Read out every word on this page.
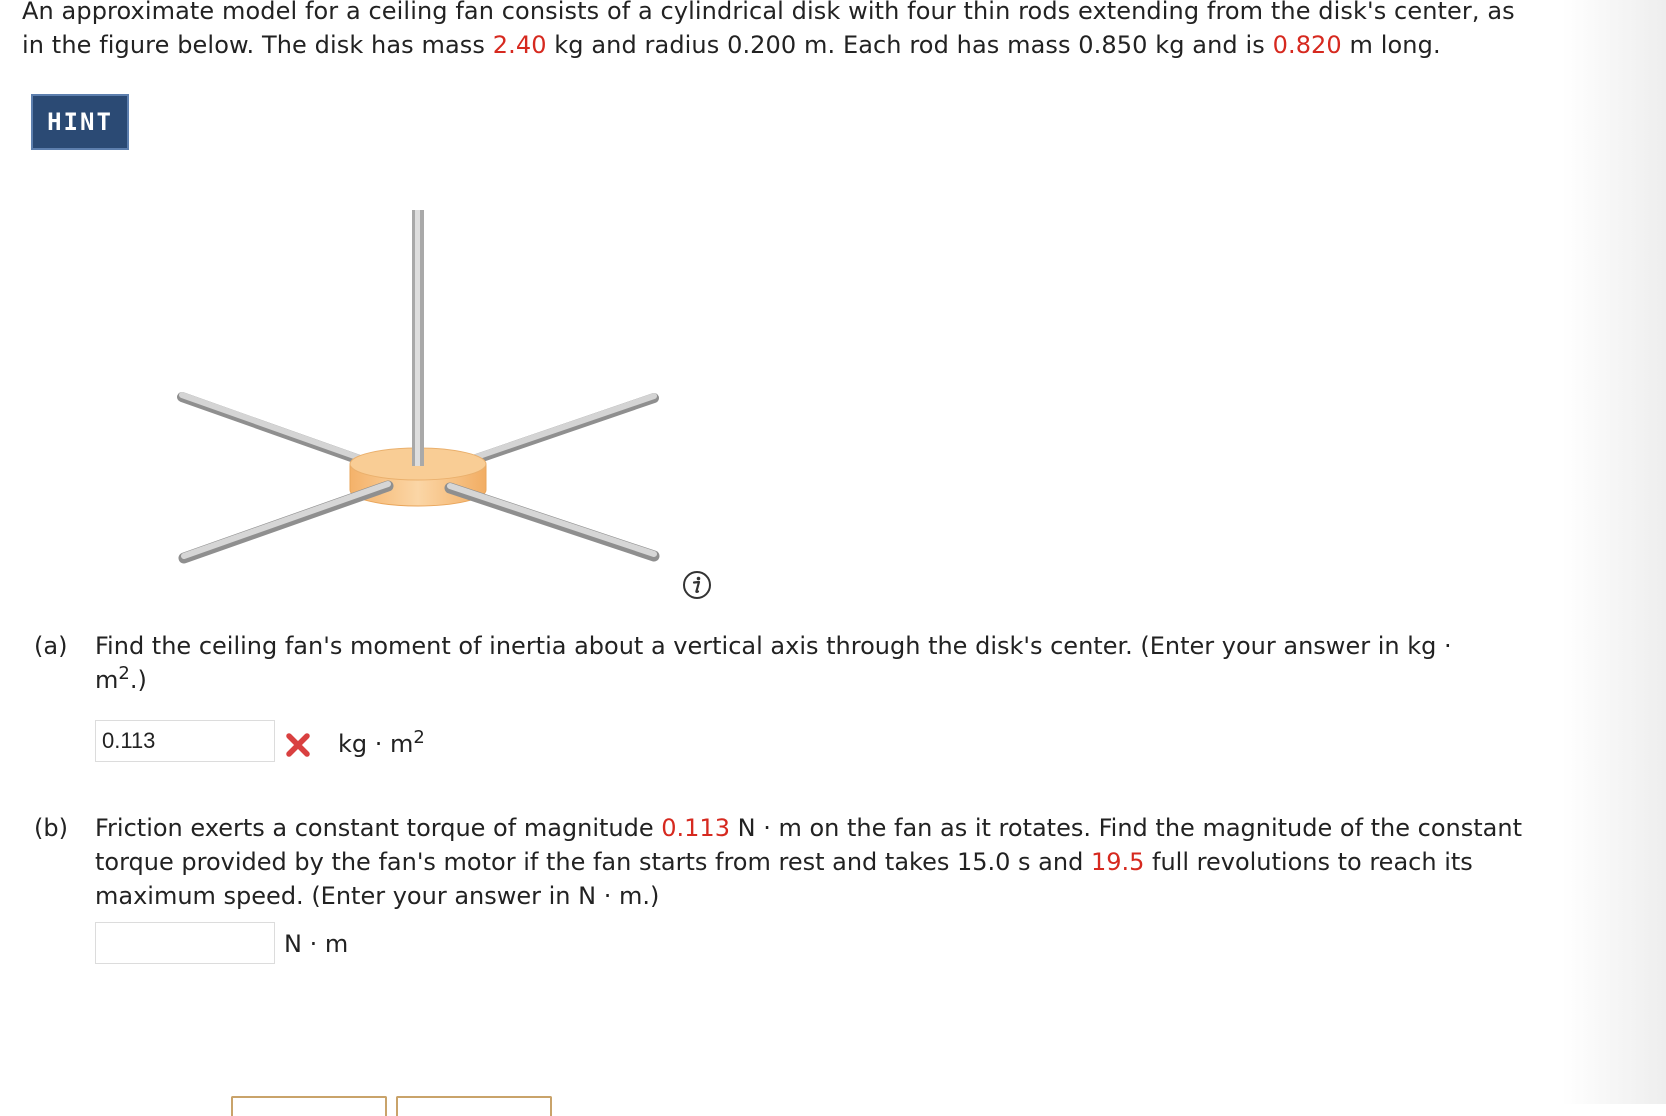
An approximate model for a ceiling fan consists of a cylindrical disk with four thin rods extending from the disk's center, as in the figure below. The disk has mass 2.40 kg and radius 0.200 m. Each rod has mass 0.850 kg and is 0.820 m long.
HINT
(a) Find the ceiling fan's moment of inertia about a vertical axis through the disk's center. (Enter your answer in kg · $m^2$.)
0.113
kg · $m^2$
(b) Friction exerts a constant torque of magnitude 0.113 N · m on the fan as it rotates. Find the magnitude of the constant torque provided by the fan's motor if the fan starts from rest and takes 15.0 s and 19.5 full revolutions to reach its maximum speed. (Enter your answer in N · m.)
N · m
